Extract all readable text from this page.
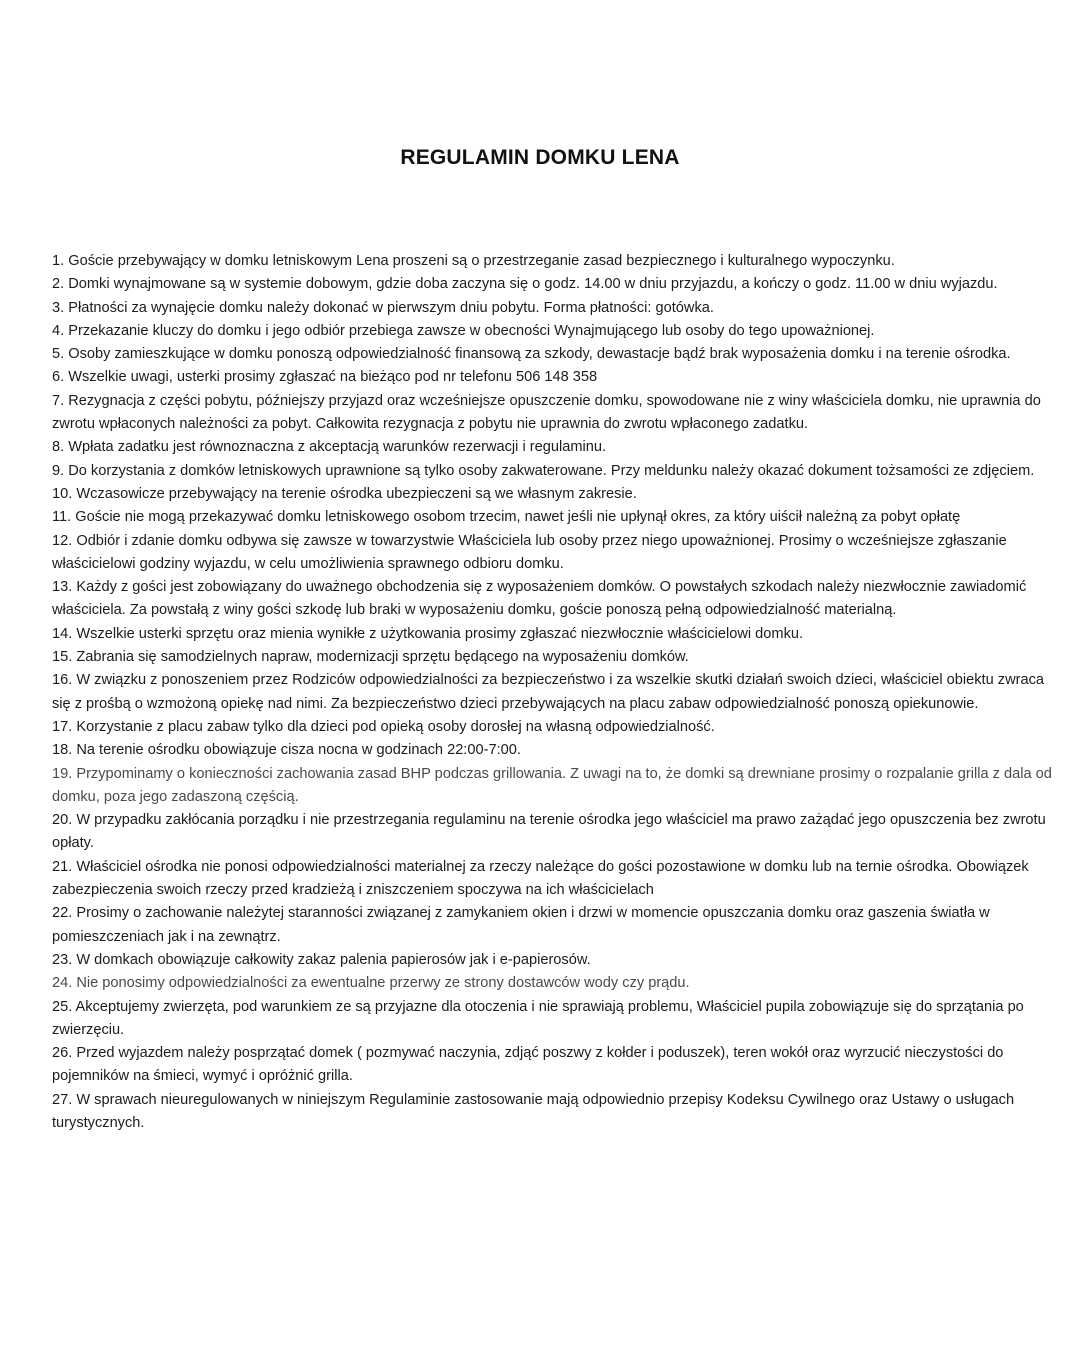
REGULAMIN DOMKU LENA
1. Goście przebywający w domku letniskowym Lena proszeni są o przestrzeganie zasad bezpiecznego i kulturalnego wypoczynku.
2. Domki wynajmowane są w systemie dobowym, gdzie doba zaczyna się o godz. 14.00 w dniu przyjazdu, a kończy o godz. 11.00 w dniu wyjazdu.
3. Płatności za wynajęcie domku należy dokonać w pierwszym dniu pobytu. Forma płatności: gotówka.
4. Przekazanie kluczy do domku i jego odbiór przebiega zawsze w obecności Wynajmującego lub osoby do tego upoważnionej.
5. Osoby zamieszkujące w domku ponoszą odpowiedzialność finansową za szkody, dewastacje bądź brak wyposażenia domku i na terenie ośrodka.
6. Wszelkie uwagi, usterki prosimy zgłaszać na bieżąco pod nr telefonu 506 148 358
7. Rezygnacja z części pobytu, późniejszy przyjazd oraz wcześniejsze opuszczenie domku, spowodowane nie z winy właściciela domku, nie uprawnia do zwrotu wpłaconych należności za pobyt. Całkowita rezygnacja z pobytu nie uprawnia do zwrotu wpłaconego zadatku.
8. Wpłata zadatku jest równoznaczna z akceptacją warunków rezerwacji i regulaminu.
9. Do korzystania z domków letniskowych uprawnione są tylko osoby zakwaterowane. Przy meldunku należy okazać dokument tożsamości ze zdjęciem.
10. Wczasowicze przebywający na terenie ośrodka ubezpieczeni są we własnym zakresie.
11. Goście nie mogą przekazywać domku letniskowego osobom trzecim, nawet jeśli nie upłynął okres, za który uiścił należną za pobyt opłatę
12. Odbiór i zdanie domku odbywa się zawsze w towarzystwie Właściciela lub osoby przez niego upoważnionej. Prosimy o wcześniejsze zgłaszanie właścicielowi godziny wyjazdu, w celu umożliwienia sprawnego odbioru domku.
13. Każdy z gości jest zobowiązany do uważnego obchodzenia się z wyposażeniem domków. O powstałych szkodach należy niezwłocznie zawiadomić właściciela. Za powstałą z winy gości szkodę lub braki w wyposażeniu domku, goście ponoszą pełną odpowiedzialność materialną.
14. Wszelkie usterki sprzętu oraz mienia wynikłe z użytkowania prosimy zgłaszać niezwłocznie właścicielowi domku.
15. Zabrania się samodzielnych napraw, modernizacji sprzętu będącego na wyposażeniu domków.
16. W związku z ponoszeniem przez Rodziców odpowiedzialności za bezpieczeństwo i za wszelkie skutki działań swoich dzieci, właściciel obiektu zwraca się z prośbą o wzmożoną opiekę nad nimi. Za bezpieczeństwo dzieci przebywających na placu zabaw odpowiedzialność ponoszą opiekunowie.
17. Korzystanie z placu zabaw tylko dla dzieci pod opieką osoby dorosłej na własną odpowiedzialność.
18. Na terenie ośrodku obowiązuje cisza nocna w godzinach 22:00-7:00.
19. Przypominamy o konieczności zachowania zasad BHP podczas grillowania. Z uwagi na to, że domki są drewniane prosimy o rozpalanie grilla z dala od domku, poza jego zadaszoną częścią.
20. W przypadku zakłócania porządku i nie przestrzegania regulaminu na terenie ośrodka jego właściciel ma prawo zażądać jego opuszczenia bez zwrotu opłaty.
21. Właściciel ośrodka nie ponosi odpowiedzialności materialnej za rzeczy należące do gości pozostawione w domku lub na ternie ośrodka. Obowiązek zabezpieczenia swoich rzeczy przed kradzieżą i zniszczeniem spoczywa na ich właścicielach
22. Prosimy o zachowanie należytej staranności związanej z zamykaniem okien i drzwi w momencie opuszczania domku oraz gaszenia światła w pomieszczeniach jak i na zewnątrz.
23. W domkach obowiązuje całkowity zakaz palenia papierosów jak i e-papierosów.
24. Nie ponosimy odpowiedzialności za ewentualne przerwy ze strony dostawców wody czy prądu.
25. Akceptujemy zwierzęta, pod warunkiem ze są przyjazne dla otoczenia i nie sprawiają problemu, Właściciel pupila zobowiązuje się do sprzątania po zwierzęciu.
26. Przed wyjazdem należy posprzątać domek ( pozmywać naczynia, zdjąć poszwy z kołder i poduszek), teren wokół oraz wyrzucić nieczystości do pojemników na śmieci, wymyć i opróżnić grilla.
27. W sprawach nieuregulowanych w niniejszym Regulaminie zastosowanie mają odpowiednio przepisy Kodeksu Cywilnego oraz Ustawy o usługach turystycznych.
